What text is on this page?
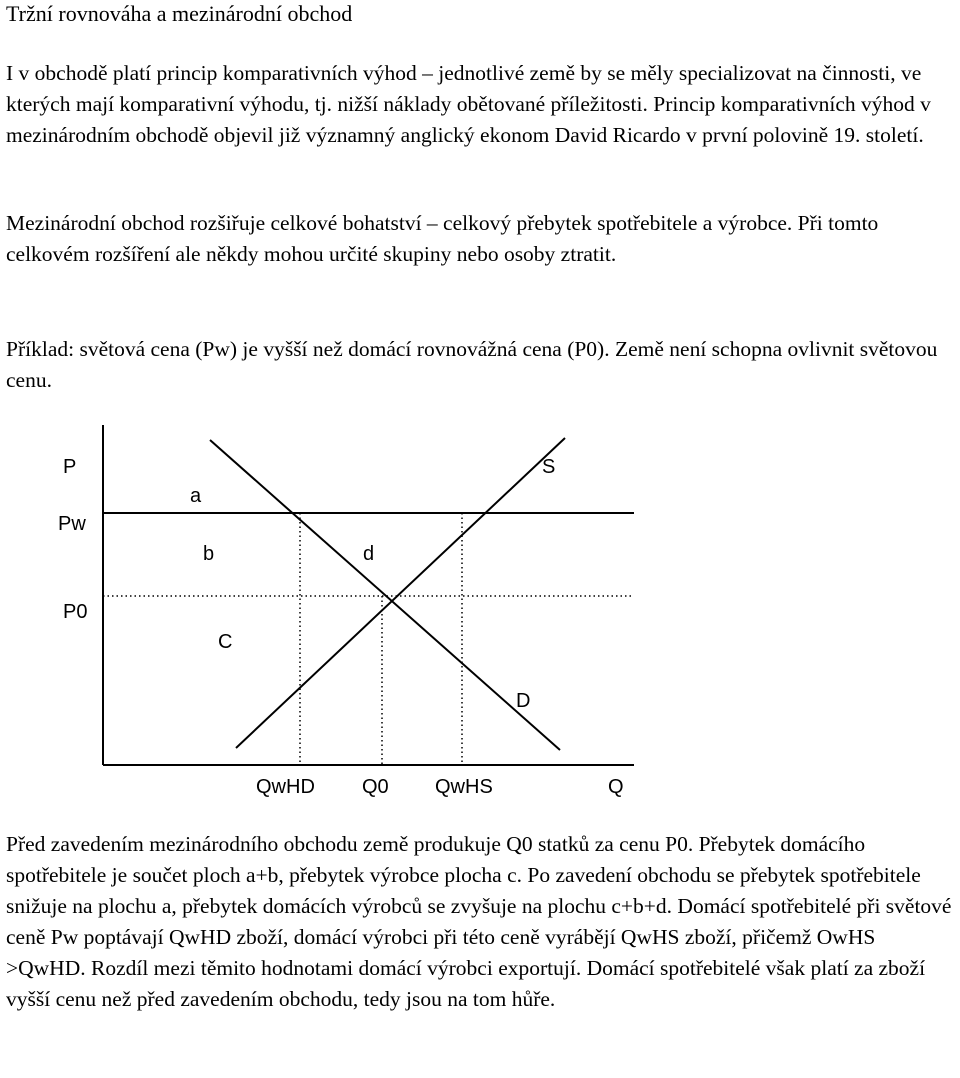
Tržní rovnováha a mezinárodní obchod

I v obchodě platí princip komparativních výhod – jednotlivé země by se měly specializovat na činnosti, ve kterých mají komparativní výhodu, tj. nižší náklady obětované příležitosti. Princip komparativních výhod v mezinárodním obchodě objevil již významný anglický ekonom David Ricardo v první polovině 19. století.

Mezinárodní obchod rozšiřuje celkové bohatství – celkový přebytek spotřebitele a výrobce. Při tomto celkovém rozšíření ale někdy mohou určité skupiny nebo osoby ztratit.

Příklad: světová cena (Pw) je vyšší než domácí rovnovážná cena (P0). Země není schopna ovlivnit světovou cenu.

P
Pw
P0
S
D
a
b	d
C
QwHD Q0 QwHS	Q

Před zavedením mezinárodního obchodu země produkuje Q0 statků za cenu P0. Přebytek domácího spotřebitele je součet ploch a+b, přebytek výrobce plocha c. Po zavedení obchodu se přebytek spotřebitele snižuje na plochu a, přebytek domácích výrobců se zvyšuje na plochu c+b+d. Domácí spotřebitelé při světové ceně Pw poptávají QwHD zboží, domácí výrobci při této ceně vyrábějí QwHS zboží, přičemž OwHS >QwHD. Rozdíl mezi těmito hodnotami domácí výrobci exportují. Domácí spotřebitelé však platí za zboží vyšší cenu než před zavedením obchodu, tedy jsou na tom hůře.
